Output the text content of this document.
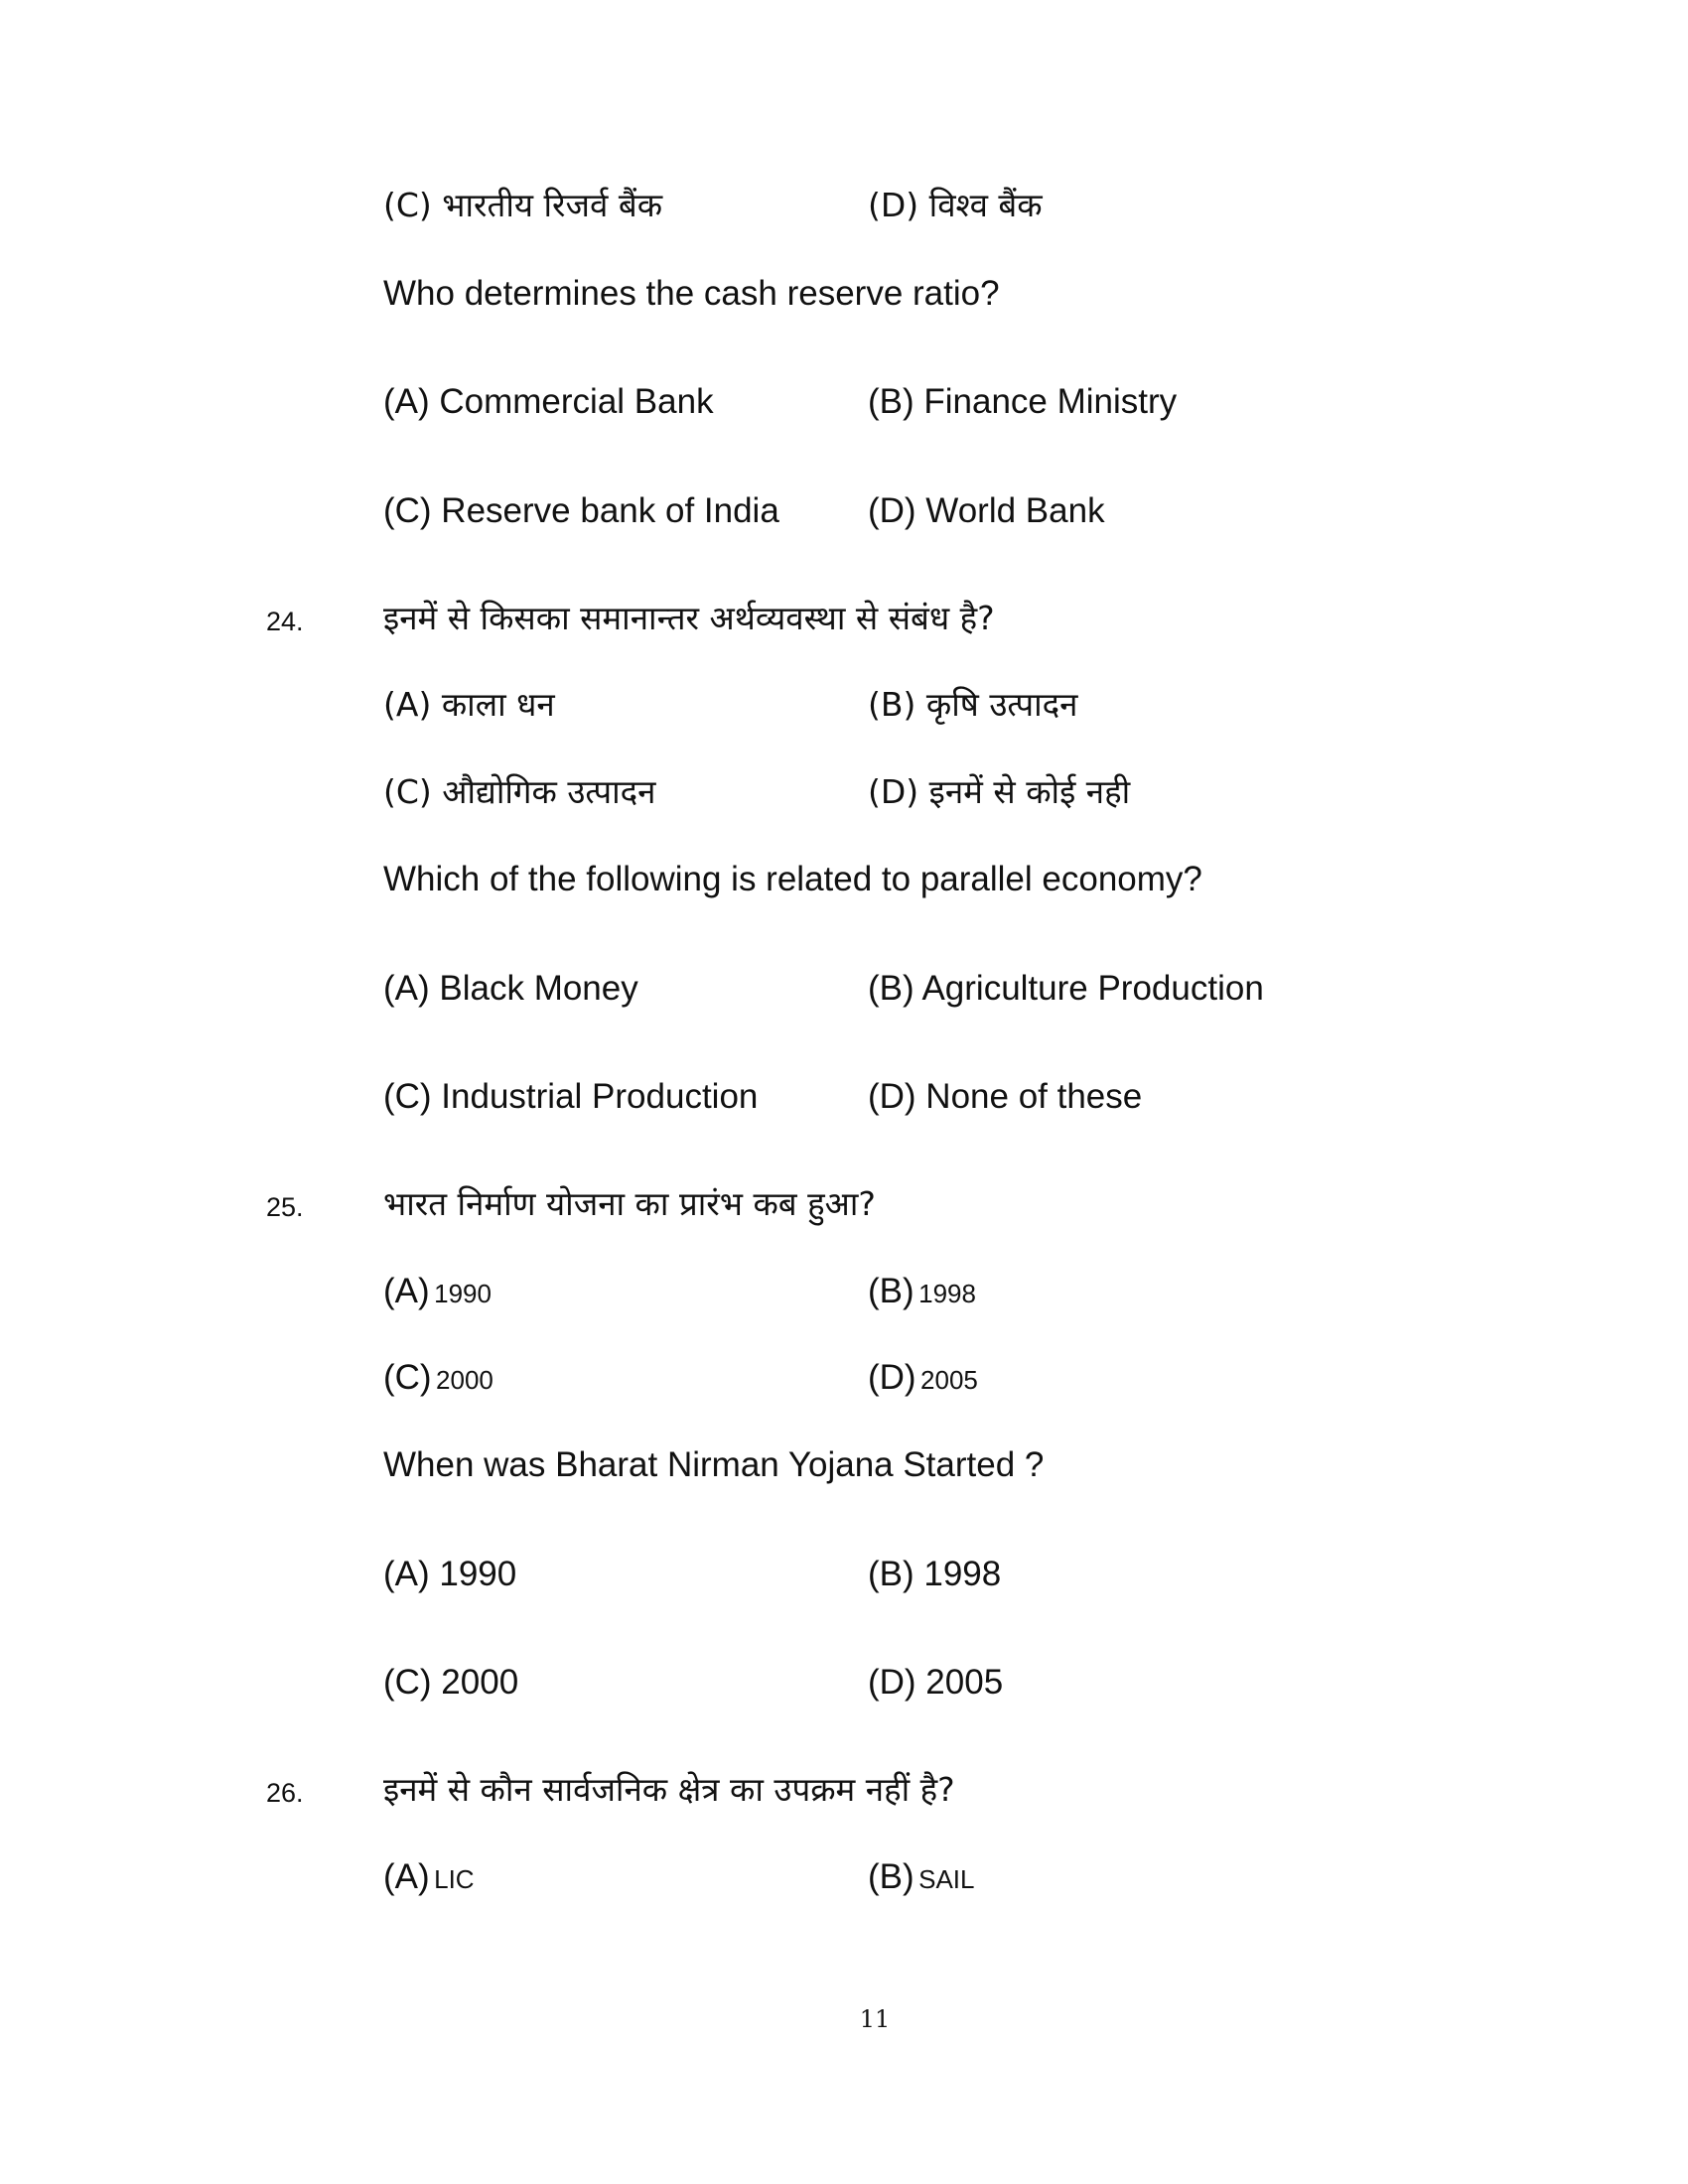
(C) भारतीय रिजर्व बैंक	(D) विश्व बैंक
Who determines the cash reserve ratio?
(A) Commercial Bank	(B) Finance Ministry
(C) Reserve bank of India	(D) World Bank
24. इनमें से किसका समानान्तर अर्थव्यवस्था से संबंध है?
(A) काला धन	(B) कृषि उत्पादन
(C) औद्योगिक उत्पादन	(D) इनमें से कोई नही
Which of the following is related to parallel economy?
(A) Black Money	(B) Agriculture Production
(C) Industrial Production	(D) None of these
25. भारत निर्माण योजना का प्रारंभ कब हुआ?
(A) 1990	(B) 1998
(C) 2000	(D) 2005
When was Bharat Nirman Yojana Started ?
(A) 1990	(B) 1998
(C) 2000	(D) 2005
26. इनमें से कौन सार्वजनिक क्षेत्र का उपक्रम नहीं है?
(A) LIC	(B) SAIL
11
